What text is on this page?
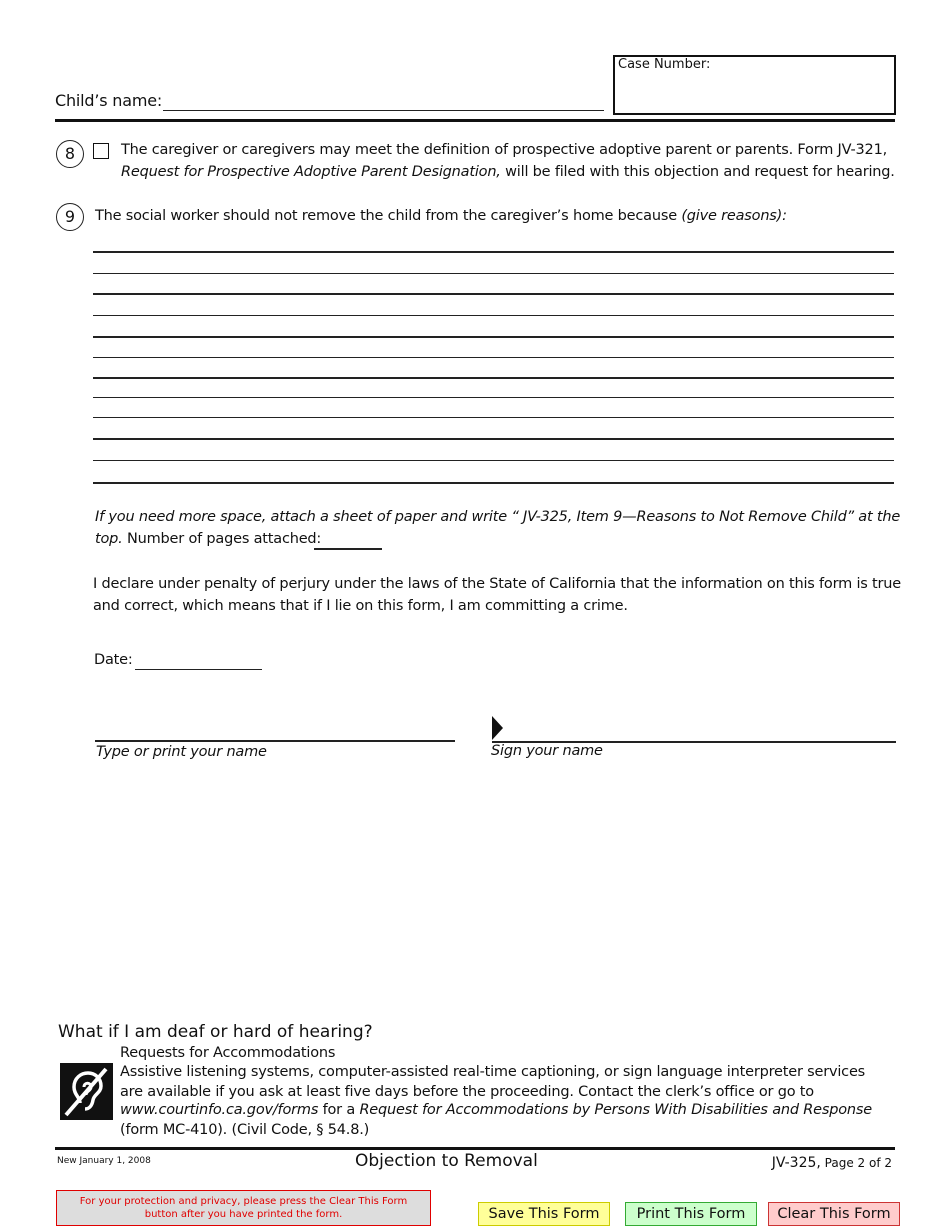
Child’s name:
Case Number:
8	The caregiver or caregivers may meet the definition of prospective adoptive parent or parents. Form JV-321,
Request for Prospective Adoptive Parent Designation, will be filed with this objection and request for hearing.
9	The social worker should not remove the child from the caregiver’s home because (give reasons):
If you need more space, attach a sheet of paper and write “ JV-325, Item 9—Reasons to Not Remove Child” at the
top. Number of pages attached:
I declare under penalty of perjury under the laws of the State of California that the information on this form is true
and correct, which means that if I lie on this form, I am committing a crime.
Date:
Type or print your name	Sign your name
What if I am deaf or hard of hearing?
Requests for Accommodations
Assistive listening systems, computer-assisted real-time captioning, or sign language interpreter services
are available if you ask at least five days before the proceeding. Contact the clerk’s office or go to
www.courtinfo.ca.gov/forms for a Request for Accommodations by Persons With Disabilities and Response
(form MC-410). (Civil Code, § 54.8.)
New January 1, 2008	Objection to Removal	JV-325, Page 2 of 2
For your protection and privacy, please press the Clear This Form
button after you have printed the form.	Save This Form	Print This Form	Clear This Form
